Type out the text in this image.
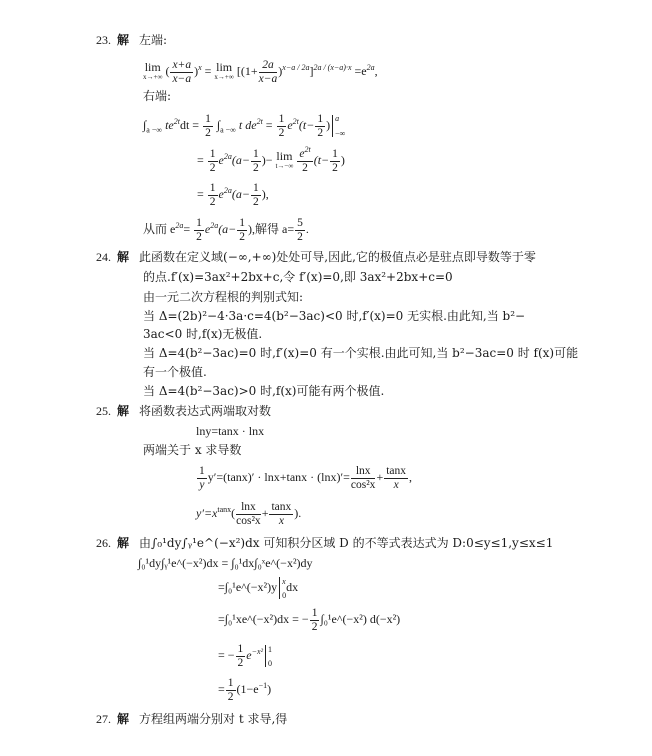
23. 解 左端:
lim
x→+∞ ( $\frac{x+a}{x-a} )^x = \lim$
x→+∞ $[(1+ \frac{2a}{x-a} )^{x-a / 2a}]^{2a / (x-a)\cdot x} =e^{2a}$,
右端:
$\int_{a -\infty}$ $te^{2t}dt = \frac{1}{2} \int_{a -\infty}$ t $de^{2t} = \frac{1}{2} e^{2t}(t- \frac{1}{2}$ ) a
−∞
= $\frac{1}{2} e^{2a}(a- \frac{1}{2}$ )− lim
t→−∞
$\frac{e^{2t}}{2} (t- \frac{1}{2}$ )
= $\frac{1}{2} e^{2a}(a- \frac{1}{2}$ ),
从而 $e^{2a}= \frac{1}{2} e^{2a}(a- \frac{1}{2}$ ),解得 $a= \frac{5}{2}$ .
24. 解 此函数在定义域(−∞,+∞)处处可导,因此,它的极值点必是驻点即导数等于零
的点.f′(x)=3ax²+2bx+c,令 f′(x)=0,即 3ax²+2bx+c=0
由一元二次方程根的判别式知:
当 Δ=(2b)²−4·3a·c=4(b²−3ac)<0 时,f′(x)=0 无实根.由此知,当 b²−
3ac<0 时,f(x)无极值.
当 Δ=4(b²−3ac)=0 时,f′(x)=0 有一个实根.由此可知,当 b²−3ac=0 时 f(x)可能
有一个极值.
当 Δ=4(b²−3ac)>0 时,f(x)可能有两个极值.
25. 解 将函数表达式两端取对数
lny=tanx · lnx
两端关于 x 求导数
$\frac{1}{y} y'=(\tan x)' \cdot \ln x+\tan x \cdot (\ln x)'= \frac{\ln x}{\text{cos²x}} + \frac{\tan x}{x}$ ,
$y'=x^{tanx}( \frac{\ln x}{\text{cos²x}} + \frac{\tan x}{x}$ ).
26. 解 由∫₀¹dy∫ᵧ¹e^(−x²)dx 可知积分区域 D 的不等式表达式为 D:0≤y≤1,y≤x≤1
∫₀¹dy∫ᵧ¹e^(−x²)dx = ∫₀¹dx∫₀ˣe^(−x²)dy
=∫₀¹e^(−x²)y x
0
dx
=∫₀¹xe^(−x²)dx = − $\frac{1}{2}$ ∫₀¹e^(−x²) d(−x²)
= − $\frac{1}{2} e^{-x^2}$ 1
0
= $\frac{1}{2} (1-e^{-1})$
27. 解 方程组两端分别对 t 求导,得
